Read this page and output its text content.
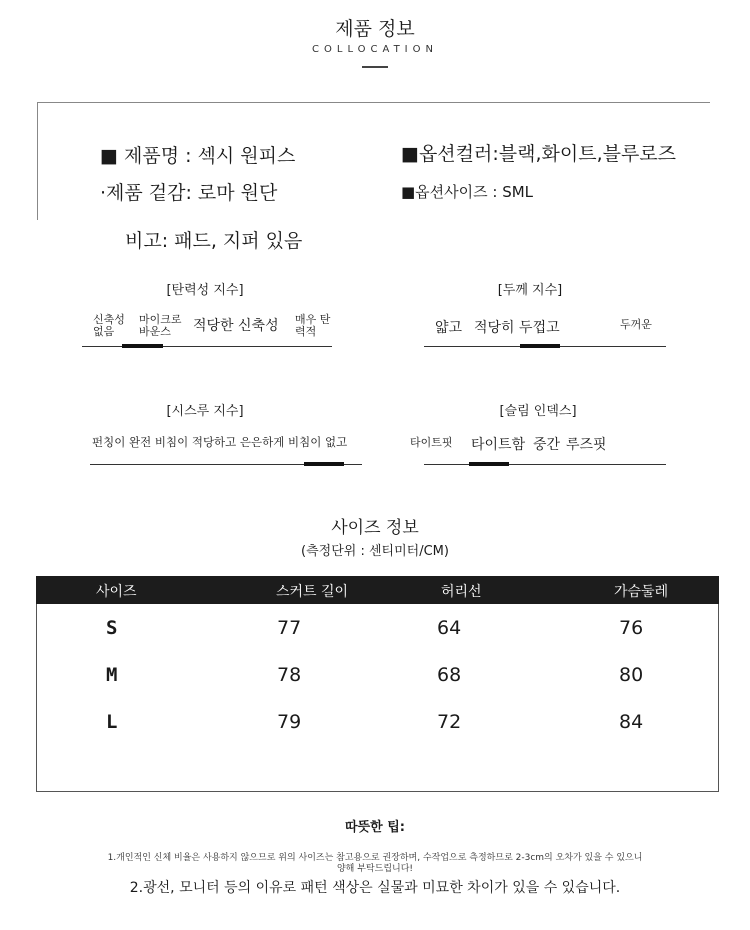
제품 정보
COLLOCATION
■ 제품명 : 섹시 원피스
·제품 겉감: 로마 원단
비고: 패드, 지퍼 있음
■옵션컬러:블랙,화이트,블루로즈
■옵션사이즈 : SML
[탄력성 지수]
신축성 없음
마이크로 바운스	적당한 신축성 매우 탄력적
[두께 지수]
얇고 적당히 두껍고	두꺼운
[시스루 지수]
펀칭이 완전 비침이 적당하고 은은하게 비침이 없고
[슬림 인덱스]
타이트핏 타이트함 중간 루즈핏
사이즈 정보
(측정단위 : 센티미터/CM)
사이즈	스커트 길이	허리선	가슴둘레
S	77	64	76
M	78	68	80
L	79	72	84
따뜻한 팁:
1.개인적인 신체 비율은 사용하지 않으므로 위의 사이즈는 참고용으로 권장하며, 수작업으로 측정하므로 2-3cm의 오차가 있을 수 있으니
양해 부탁드립니다!
2.광선, 모니터 등의 이유로 패턴 색상은 실물과 미묘한 차이가 있을 수 있습니다.
